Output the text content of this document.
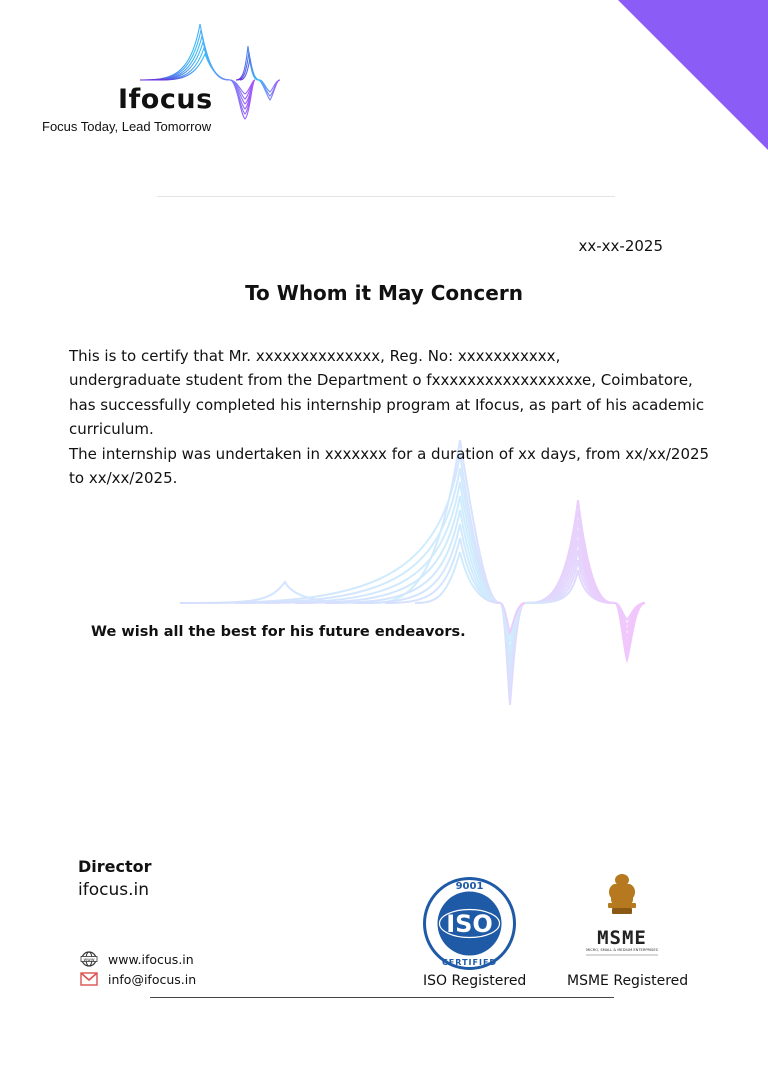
Ifocus
Focus Today, Lead Tomorrow
xx-xx-2025
To Whom it May Concern

This is to certify that Mr. xxxxxxxxxxxxxx, Reg. No: xxxxxxxxxxx,

undergraduate student from the Department o fxxxxxxxxxxxxxxxxxe, Coimbatore, has successfully completed his internship program at Ifocus, as part of his academic curriculum.

The internship was undertaken in xxxxxxx for a duration of xx days, from xx/xx/2025 to xx/xx/2025.

We wish all the best for his future endeavors.
Director
ifocus.in
www www.ifocus.in
info@ifocus.in
9001
ISO
CERTIFIED
ISO Registered
MSME
MICRO, SMALL & MEDIUM ENTERPRISES
MSME Registered
